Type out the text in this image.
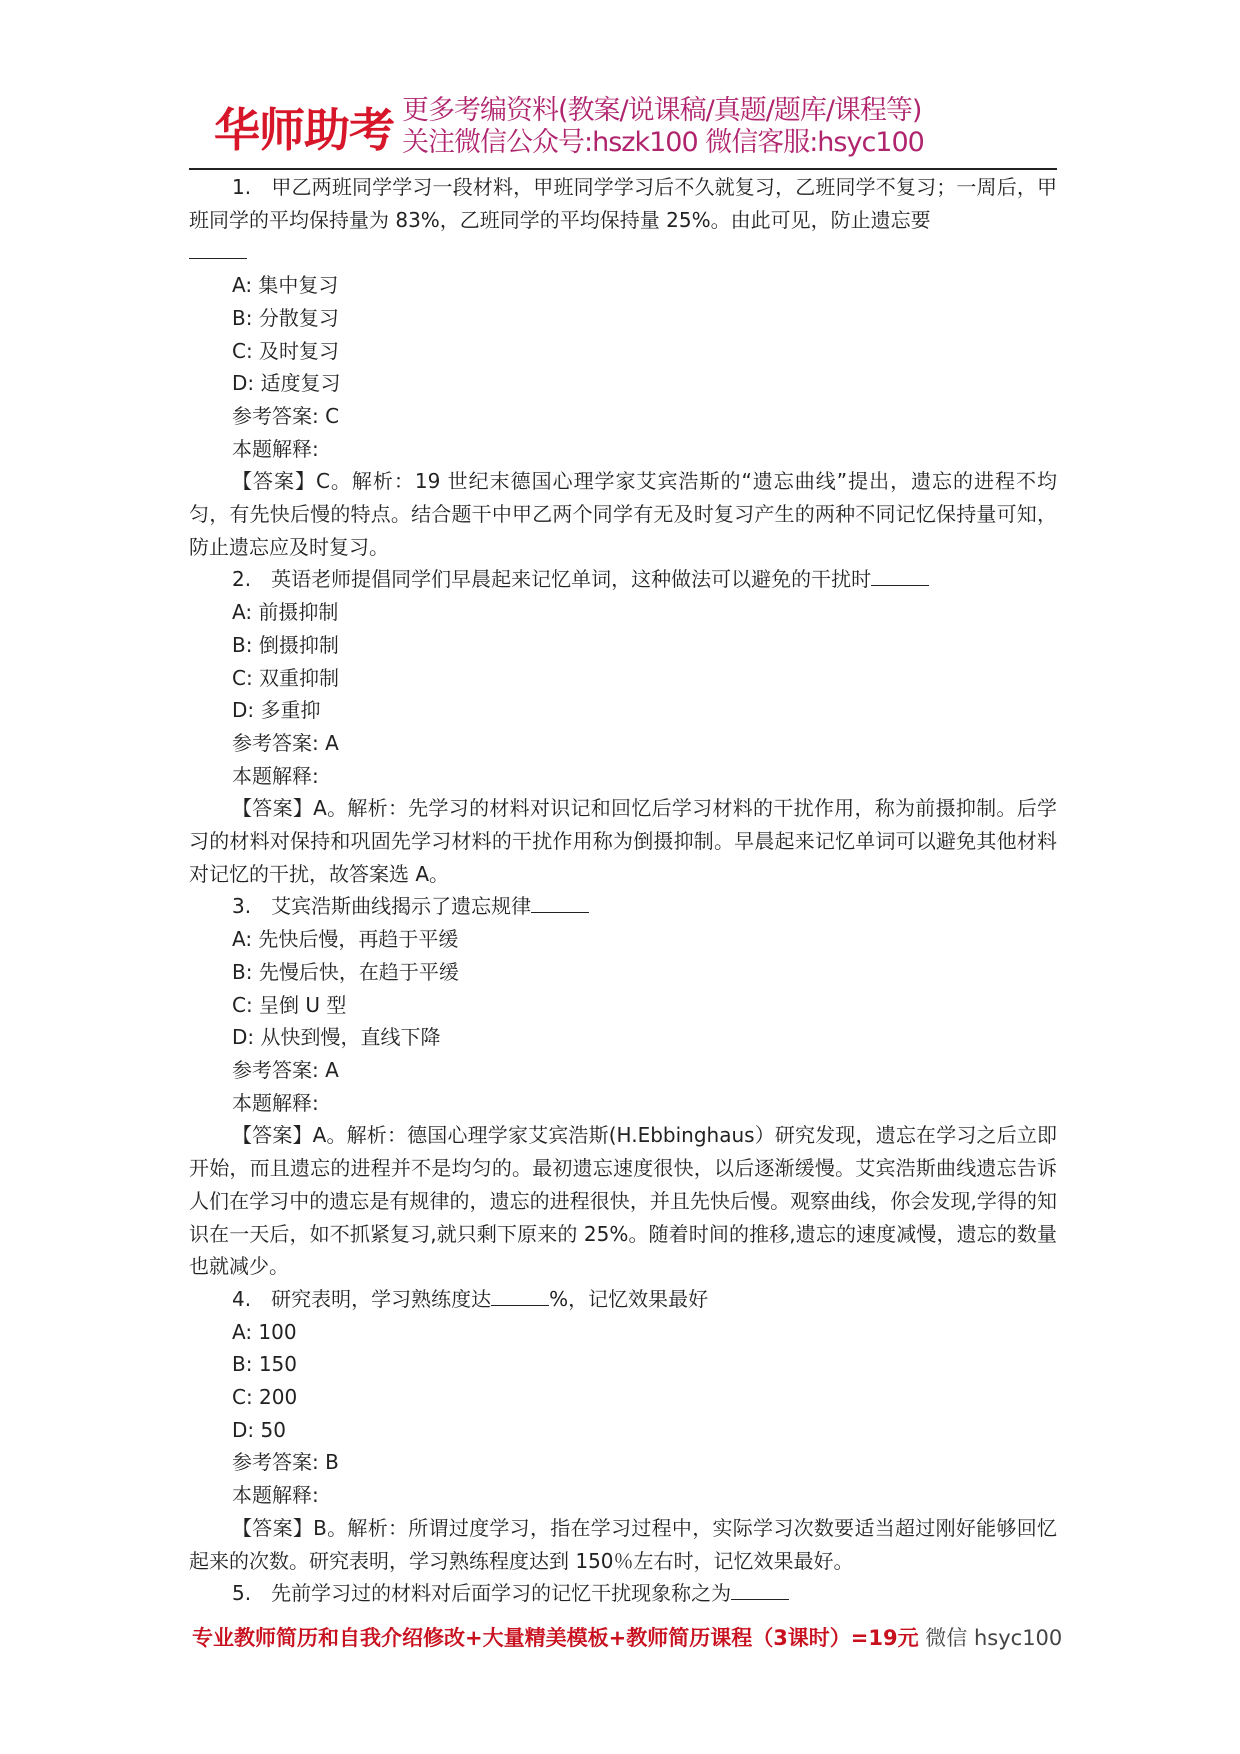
华师助考 更多考编资料(教案/说课稿/真题/题库/课程等)
关注微信公众号:hszk100 微信客服:hsyc100

1.　甲乙两班同学学习一段材料，甲班同学学习后不久就复习，乙班同学不复习；一周后，甲班同学的平均保持量为 83%，乙班同学的平均保持量 25%。由此可见，防止遗忘要

A: 集中复习

B: 分散复习

C: 及时复习

D: 适度复习

参考答案: C

本题解释:

【答案】C。解析：19 世纪末德国心理学家艾宾浩斯的“遗忘曲线”提出，遗忘的进程不均匀，有先快后慢的特点。结合题干中甲乙两个同学有无及时复习产生的两种不同记忆保持量可知，防止遗忘应及时复习。

2.　英语老师提倡同学们早晨起来记忆单词，这种做法可以避免的干扰时

A: 前摄抑制

B: 倒摄抑制

C: 双重抑制

D: 多重抑

参考答案: A

本题解释:

【答案】A。解析：先学习的材料对识记和回忆后学习材料的干扰作用，称为前摄抑制。后学习的材料对保持和巩固先学习材料的干扰作用称为倒摄抑制。早晨起来记忆单词可以避免其他材料对记忆的干扰，故答案选 A。

3.　艾宾浩斯曲线揭示了遗忘规律

A: 先快后慢，再趋于平缓

B: 先慢后快，在趋于平缓

C: 呈倒 U 型

D: 从快到慢，直线下降

参考答案: A

本题解释:

【答案】A。解析：德国心理学家艾宾浩斯(H.Ebbinghaus）研究发现，遗忘在学习之后立即开始，而且遗忘的进程并不是均匀的。最初遗忘速度很快，以后逐渐缓慢。艾宾浩斯曲线遗忘告诉人们在学习中的遗忘是有规律的，遗忘的进程很快，并且先快后慢。观察曲线，你会发现,学得的知识在一天后，如不抓紧复习,就只剩下原来的 25%。随着时间的推移,遗忘的速度减慢，遗忘的数量也就减少。

4.　研究表明，学习熟练度达	%，记忆效果最好

A: 100

B: 150

C: 200

D: 50

参考答案: B

本题解释:

【答案】B。解析：所谓过度学习，指在学习过程中，实际学习次数要适当超过刚好能够回忆起来的次数。研究表明，学习熟练程度达到 150％左右时，记忆效果最好。

5.　先前学习过的材料对后面学习的记忆干扰现象称之为

专业教师简历和自我介绍修改+大量精美模板+教师简历课程（3课时）=19元 微信 hsyc100
